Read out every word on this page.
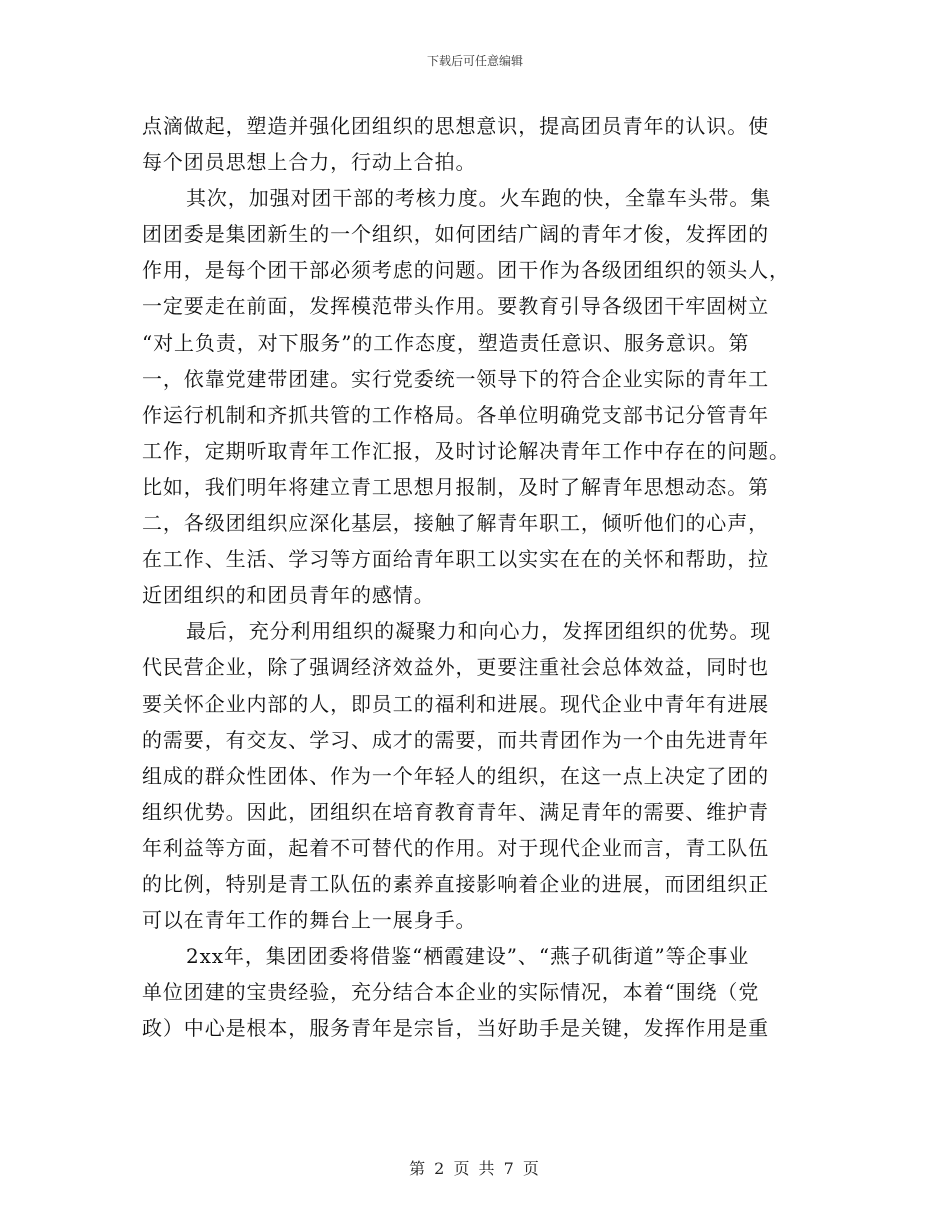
下载后可任意编辑
点滴做起，塑造并强化团组织的思想意识，提高团员青年的认识。使
每个团员思想上合力，行动上合拍。
其次，加强对团干部的考核力度。火车跑的快，全靠车头带。集
团团委是集团新生的一个组织，如何团结广阔的青年才俊，发挥团的
作用，是每个团干部必须考虑的问题。团干作为各级团组织的领头人，
一定要走在前面，发挥模范带头作用。要教育引导各级团干牢固树立
“对上负责，对下服务”的工作态度，塑造责任意识、服务意识。第
一，依靠党建带团建。实行党委统一领导下的符合企业实际的青年工
作运行机制和齐抓共管的工作格局。各单位明确党支部书记分管青年
工作，定期听取青年工作汇报，及时讨论解决青年工作中存在的问题。
比如，我们明年将建立青工思想月报制，及时了解青年思想动态。第
二，各级团组织应深化基层，接触了解青年职工，倾听他们的心声，
在工作、生活、学习等方面给青年职工以实实在在的关怀和帮助，拉
近团组织的和团员青年的感情。
最后，充分利用组织的凝聚力和向心力，发挥团组织的优势。现
代民营企业，除了强调经济效益外，更要注重社会总体效益，同时也
要关怀企业内部的人，即员工的福利和进展。现代企业中青年有进展
的需要，有交友、学习、成才的需要，而共青团作为一个由先进青年
组成的群众性团体、作为一个年轻人的组织，在这一点上决定了团的
组织优势。因此，团组织在培育教育青年、满足青年的需要、维护青
年利益等方面，起着不可替代的作用。对于现代企业而言，青工队伍
的比例，特别是青工队伍的素养直接影响着企业的进展，而团组织正
可以在青年工作的舞台上一展身手。
2xx年，集团团委将借鉴“栖霞建设”、“燕子矶街道”等企事业
单位团建的宝贵经验，充分结合本企业的实际情况，本着“围绕（党
政）中心是根本，服务青年是宗旨，当好助手是关键，发挥作用是重
第 2 页 共 7 页
